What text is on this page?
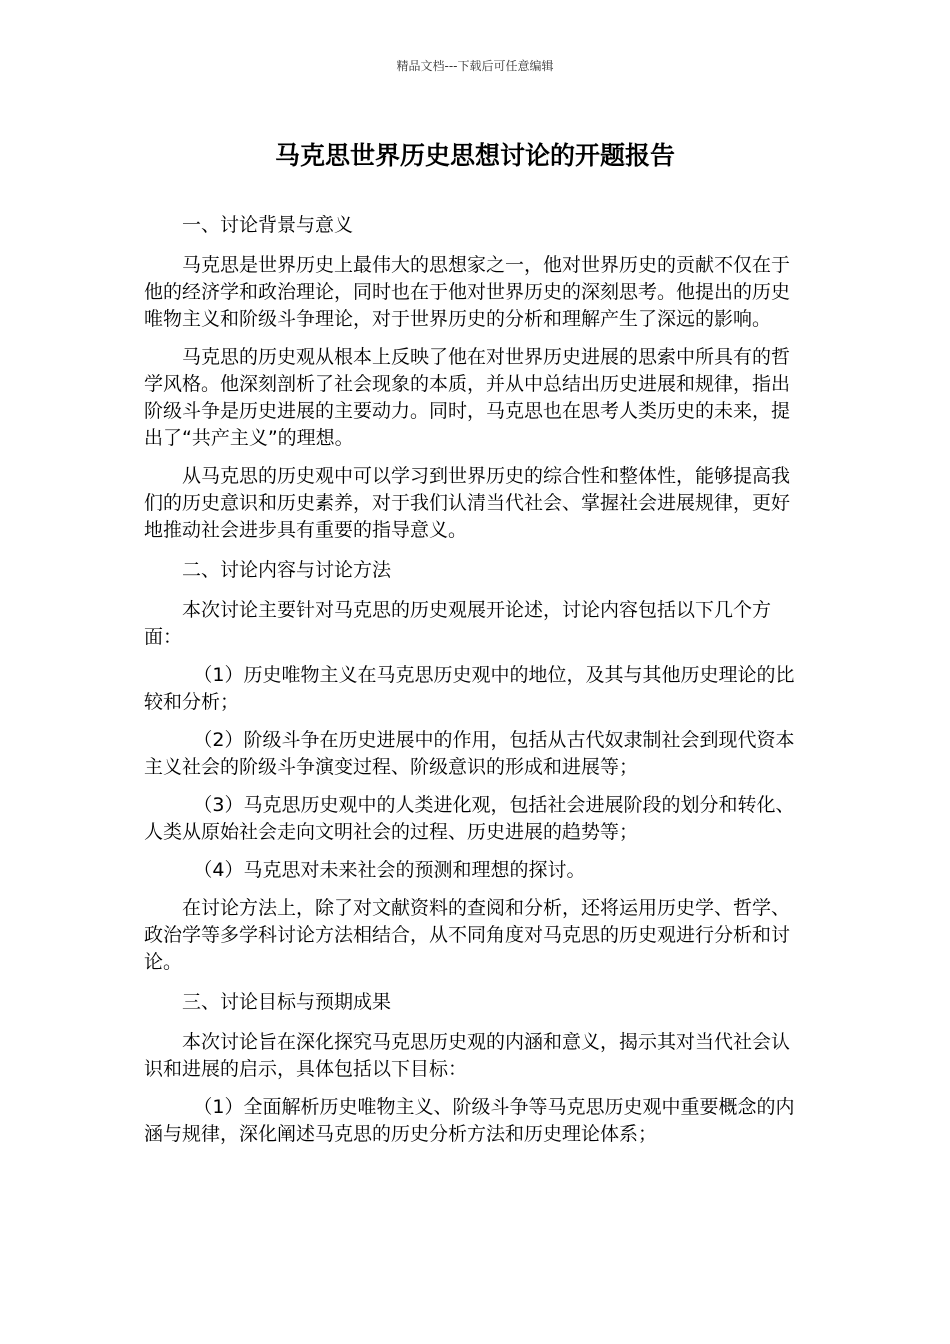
精品文档---下载后可任意编辑
马克思世界历史思想讨论的开题报告

一、讨论背景与意义

马克思是世界历史上最伟大的思想家之一，他对世界历史的贡献不仅在于他的经济学和政治理论，同时也在于他对世界历史的深刻思考。他提出的历史唯物主义和阶级斗争理论，对于世界历史的分析和理解产生了深远的影响。

马克思的历史观从根本上反映了他在对世界历史进展的思索中所具有的哲学风格。他深刻剖析了社会现象的本质，并从中总结出历史进展和规律，指出阶级斗争是历史进展的主要动力。同时，马克思也在思考人类历史的未来，提出了“共产主义”的理想。

从马克思的历史观中可以学习到世界历史的综合性和整体性，能够提高我们的历史意识和历史素养，对于我们认清当代社会、掌握社会进展规律，更好地推动社会进步具有重要的指导意义。

二、讨论内容与讨论方法

本次讨论主要针对马克思的历史观展开论述，讨论内容包括以下几个方面：

（1）历史唯物主义在马克思历史观中的地位，及其与其他历史理论的比较和分析；

（2）阶级斗争在历史进展中的作用，包括从古代奴隶制社会到现代资本主义社会的阶级斗争演变过程、阶级意识的形成和进展等；

（3）马克思历史观中的人类进化观，包括社会进展阶段的划分和转化、人类从原始社会走向文明社会的过程、历史进展的趋势等；

（4）马克思对未来社会的预测和理想的探讨。

在讨论方法上，除了对文献资料的查阅和分析，还将运用历史学、哲学、政治学等多学科讨论方法相结合，从不同角度对马克思的历史观进行分析和讨论。

三、讨论目标与预期成果

本次讨论旨在深化探究马克思历史观的内涵和意义，揭示其对当代社会认识和进展的启示，具体包括以下目标：

（1）全面解析历史唯物主义、阶级斗争等马克思历史观中重要概念的内涵与规律，深化阐述马克思的历史分析方法和历史理论体系；
